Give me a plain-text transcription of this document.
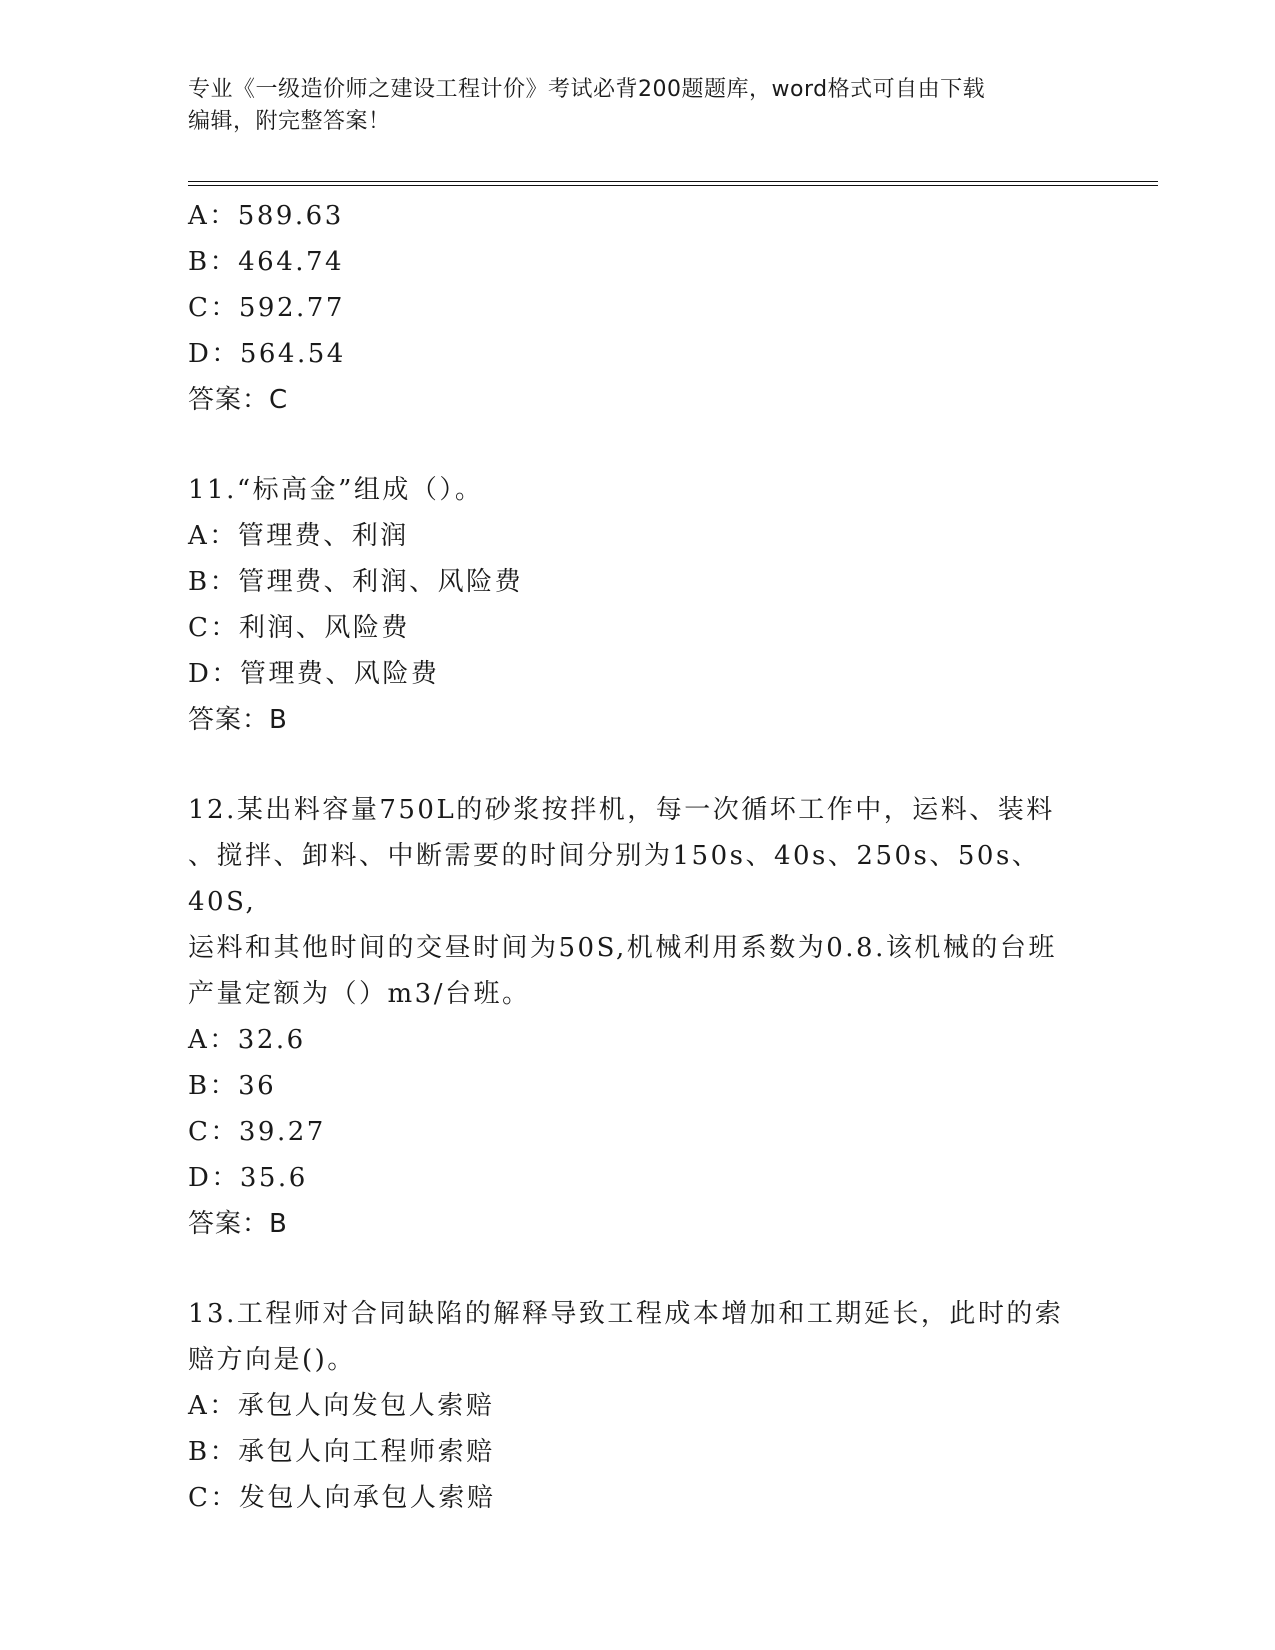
专业《一级造价师之建设工程计价》考试必背200题题库，word格式可自由下载
编辑，附完整答案！
A：589.63
B：464.74
C：592.77
D：564.54
答案：C
11.“标高金”组成（）。
A：管理费、利润
B：管理费、利润、风险费
C：利润、风险费
D：管理费、风险费
答案：B
12.某出料容量750L的砂浆按拌机，每一次循坏工作中，运料、装料
、搅拌、卸料、中断需要的时间分别为150s、40s、250s、50s、40S,
运料和其他时间的交昼时间为50S,机械利用系数为0.8.该机械的台班
产量定额为（）m3/台班。
A：32.6
B：36
C：39.27
D：35.6
答案：B
13.工程师对合同缺陷的解释导致工程成本增加和工期延长，此时的索
赔方向是()。
A：承包人向发包人索赔
B：承包人向工程师索赔
C：发包人向承包人索赔
